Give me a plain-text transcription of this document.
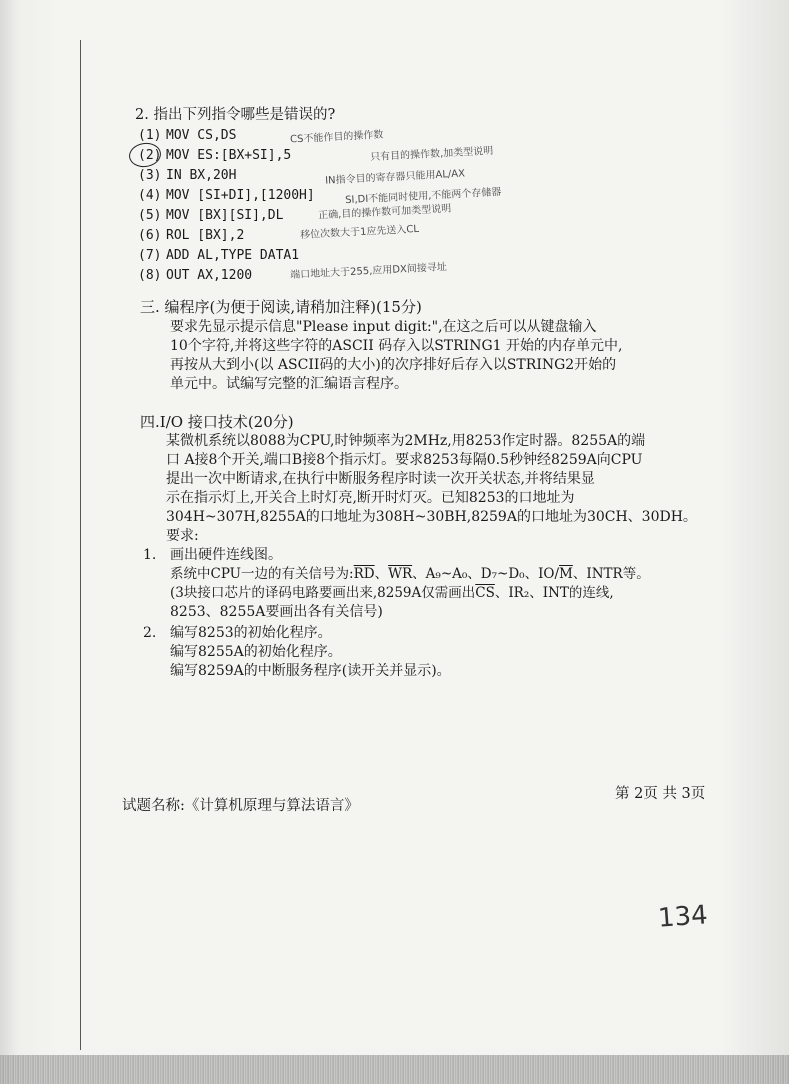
2. 指出下列指令哪些是错误的?
(1) MOV CS,DS	CS不能作目的操作数
(2) MOV ES:[BX+SI],5	只有目的操作数,加类型说明
(3) IN BX,20H	IN指令目的寄存器只能用AL/AX
(4) MOV [SI+DI],[1200H]	SI,DI不能同时使用,不能两个存储器
(5) MOV [BX][SI],DL	正确,目的操作数可加类型说明
(6) ROL [BX],2	移位次数大于1应先送入CL
(7) ADD AL,TYPE DATA1
(8) OUT AX,1200	端口地址大于255,应用DX间接寻址
三. 编程序(为便于阅读,请稍加注释)(15分)
要求先显示提示信息"Please input digit:",在这之后可以从键盘输入
10个字符,并将这些字符的ASCII 码存入以STRING1 开始的内存单元中,
再按从大到小(以 ASCII码的大小)的次序排好后存入以STRING2开始的
单元中。试编写完整的汇编语言程序。
四.I/O 接口技术(20分)
某微机系统以8088为CPU,时钟频率为2MHz,用8253作定时器。8255A的端
口 A接8个开关,端口B接8个指示灯。要求8253每隔0.5秒钟经8259A向CPU
提出一次中断请求,在执行中断服务程序时读一次开关状态,并将结果显
示在指示灯上,开关合上时灯亮,断开时灯灭。已知8253的口地址为
304H~307H,8255A的口地址为308H~30BH,8259A的口地址为30CH、30DH。
要求:
1. 画出硬件连线图。
系统中CPU一边的有关信号为$:\overline{RD}$、$\overline{WR}$、A₉~A₀、D₇~D₀、$IO/\overline{M}$、INTR等。
(3块接口芯片的译码电路要画出来,8259A仅需画出$\overline{CS}$、IR₂、INT的连线,
8253、8255A要画出各有关信号)
2. 编写8253的初始化程序。
编写8255A的初始化程序。
编写8259A的中断服务程序(读开关并显示)。
试题名称:《计算机原理与算法语言》
第 2页 共 3页
134
